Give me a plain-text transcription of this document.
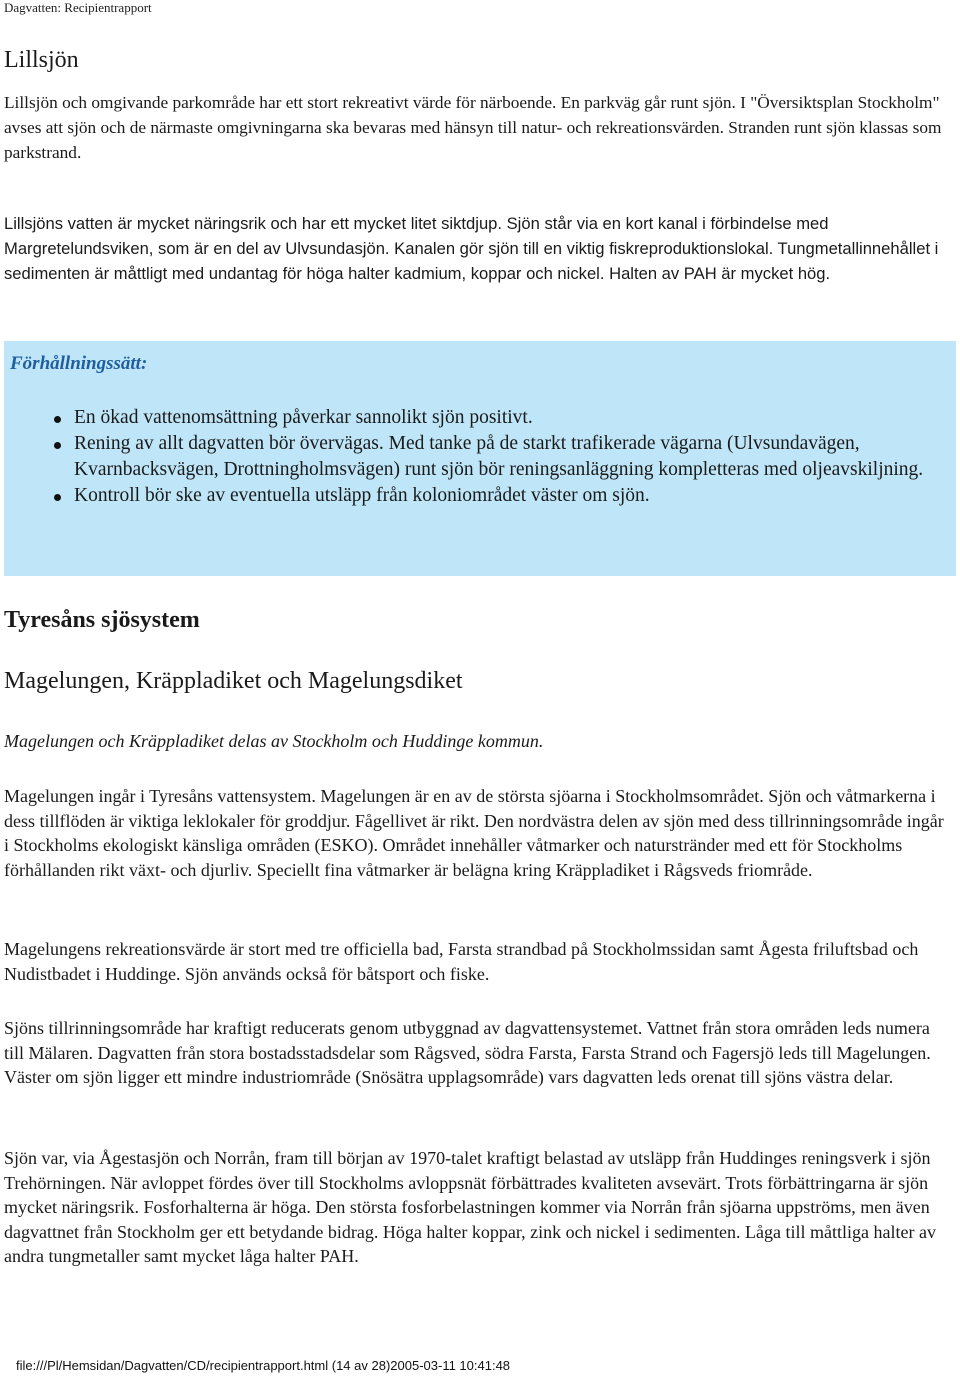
Dagvatten: Recipientrapport
Lillsjön

Lillsjön och omgivande parkområde har ett stort rekreativt värde för närboende. En parkväg går runt sjön. I "Översiktsplan Stockholm" avses att sjön och de närmaste omgivningarna ska bevaras med hänsyn till natur- och rekreationsvärden. Stranden runt sjön klassas som parkstrand.

Lillsjöns vatten är mycket näringsrik och har ett mycket litet siktdjup. Sjön står via en kort kanal i förbindelse med Margretelundsviken, som är en del av Ulvsundasjön. Kanalen gör sjön till en viktig fiskreproduktionslokal. Tungmetallinnehållet i sedimenten är måttligt med undantag för höga halter kadmium, koppar och nickel. Halten av PAH är mycket hög.

Förhållningssätt:
En ökad vattenomsättning påverkar sannolikt sjön positivt.
Rening av allt dagvatten bör övervägas. Med tanke på de starkt trafikerade vägarna (Ulvsundavägen, Kvarnbacksvägen, Drottningholmsvägen) runt sjön bör reningsanläggning kompletteras med oljeavskiljning.
Kontroll bör ske av eventuella utsläpp från koloniområdet väster om sjön.
Tyresåns sjösystem
Magelungen, Kräppladiket och Magelungsdiket
Magelungen och Kräppladiket delas av Stockholm och Huddinge kommun.

Magelungen ingår i Tyresåns vattensystem. Magelungen är en av de största sjöarna i Stockholmsområdet. Sjön och våtmarkerna i dess tillflöden är viktiga leklokaler för groddjur. Fågellivet är rikt. Den nordvästra delen av sjön med dess tillrinningsområde ingår i Stockholms ekologiskt känsliga områden (ESKO). Området innehåller våtmarker och naturstränder med ett för Stockholms förhållanden rikt växt- och djurliv. Speciellt fina våtmarker är belägna kring Kräppladiket i Rågsveds friområde.

Magelungens rekreationsvärde är stort med tre officiella bad, Farsta strandbad på Stockholmssidan samt Ågesta friluftsbad och Nudistbadet i Huddinge. Sjön används också för båtsport och fiske.

Sjöns tillrinningsområde har kraftigt reducerats genom utbyggnad av dagvattensystemet. Vattnet från stora områden leds numera till Mälaren. Dagvatten från stora bostadsstadsdelar som Rågsved, södra Farsta, Farsta Strand och Fagersjö leds till Magelungen. Väster om sjön ligger ett mindre industriområde (Snösätra upplagsområde) vars dagvatten leds orenat till sjöns västra delar.

Sjön var, via Ågestasjön och Norrån, fram till början av 1970-talet kraftigt belastad av utsläpp från Huddinges reningsverk i sjön Trehörningen. När avloppet fördes över till Stockholms avloppsnät förbättrades kvaliteten avsevärt. Trots förbättringarna är sjön mycket näringsrik. Fosforhalterna är höga. Den största fosforbelastningen kommer via Norrån från sjöarna uppströms, men även dagvattnet från Stockholm ger ett betydande bidrag. Höga halter koppar, zink och nickel i sedimenten. Låga till måttliga halter av andra tungmetaller samt mycket låga halter PAH.

file:///Pl/Hemsidan/Dagvatten/CD/recipientrapport.html (14 av 28)2005-03-11 10:41:48
